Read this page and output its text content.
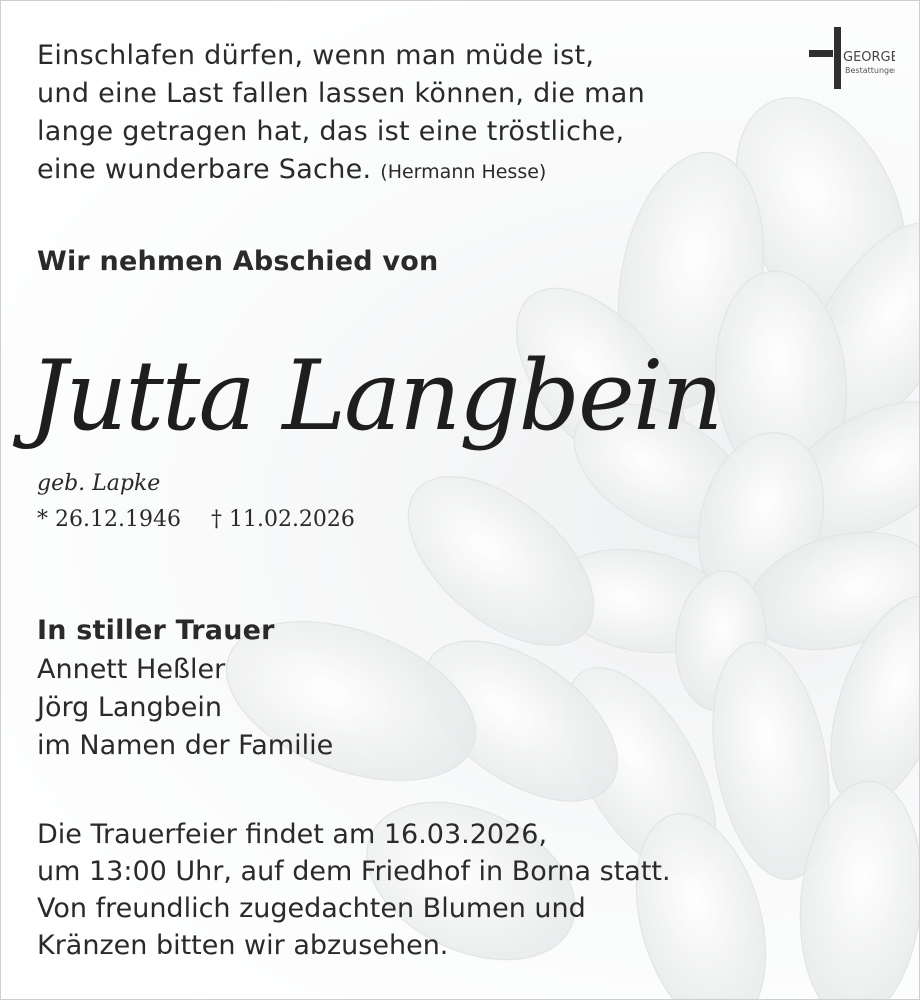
GEORGE
Bestattungen
Einschlafen dürfen, wenn man müde ist,
und eine Last fallen lassen können, die man
lange getragen hat, das ist eine tröstliche,
eine wunderbare Sache. (Hermann Hesse)
Wir nehmen Abschied von
Jutta Langbein
geb. Lapke
* 26.12.1946 † 11.02.2026
In stiller Trauer
Annett Heßler
Jörg Langbein
im Namen der Familie
Die Trauerfeier findet am 16.03.2026,
um 13:00 Uhr, auf dem Friedhof in Borna statt.
Von freundlich zugedachten Blumen und
Kränzen bitten wir abzusehen.
